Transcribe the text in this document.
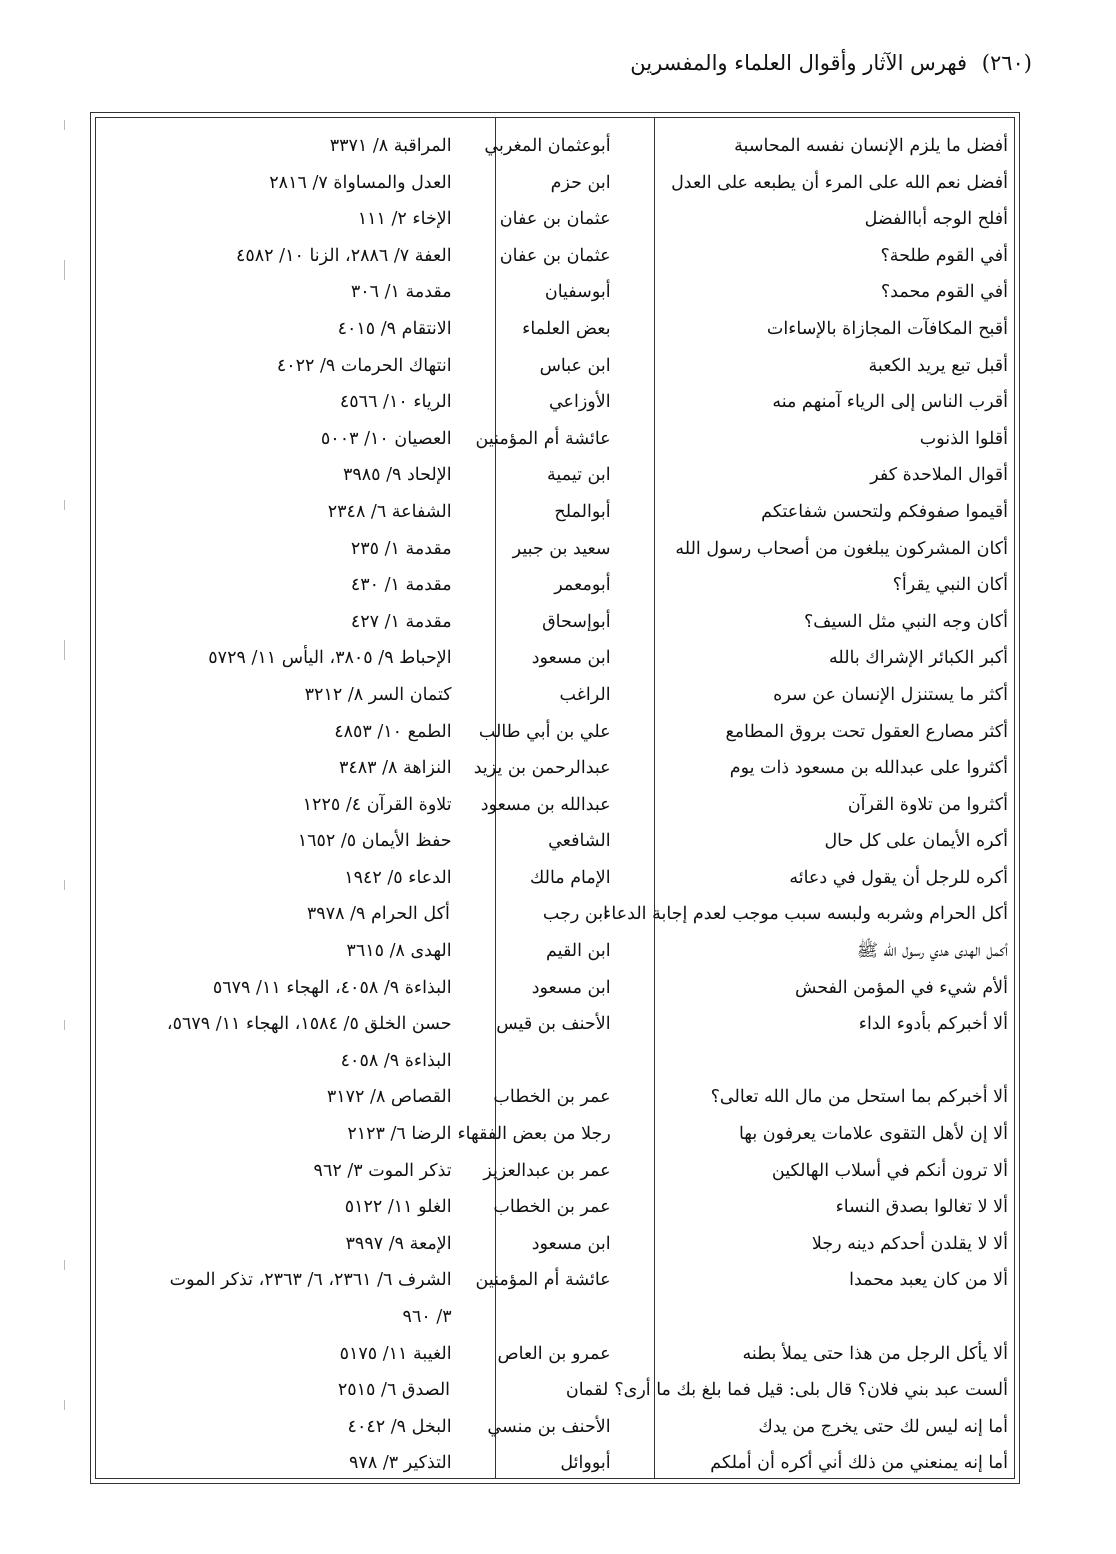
(٢٦٠) فهرس الآثار وأقوال العلماء والمفسرين
أفضل ما يلزم الإنسان نفسه المحاسبة
أبوعثمان المغربي
المراقبة ٨/ ٣٣٧١
أفضل نعم الله على المرء أن يطبعه على العدل
ابن حزم
العدل والمساواة ٧/ ٢٨١٦
أفلح الوجه أباالفضل
عثمان بن عفان
الإخاء ٢/ ١١١
أفي القوم طلحة؟
عثمان بن عفان
العفة ٧/ ٢٨٨٦، الزنا ١٠/ ٤٥٨٢
أفي القوم محمد؟
أبوسفيان
مقدمة ١/ ٣٠٦
أقبح المكافآت المجازاة بالإساءات
بعض العلماء
الانتقام ٩/ ٤٠١٥
أقبل تبع يريد الكعبة
ابن عباس
انتهاك الحرمات ٩/ ٤٠٢٢
أقرب الناس إلى الرياء آمنهم منه
الأوزاعي
الرياء ١٠/ ٤٥٦٦
أقلوا الذنوب
عائشة أم المؤمنين
العصيان ١٠/ ٥٠٠٣
أقوال الملاحدة كفر
ابن تيمية
الإلحاد ٩/ ٣٩٨٥
أقيموا صفوفكم ولتحسن شفاعتكم
أبوالملح
الشفاعة ٦/ ٢٣٤٨
أكان المشركون يبلغون من أصحاب رسول الله
سعيد بن جبير
مقدمة ١/ ٢٣٥
أكان النبي يقرأ؟
أبومعمر
مقدمة ١/ ٤٣٠
أكان وجه النبي مثل السيف؟
أبوإسحاق
مقدمة ١/ ٤٢٧
أكبر الكبائر الإشراك بالله
ابن مسعود
الإحباط ٩/ ٣٨٠٥، اليأس ١١/ ٥٧٢٩
أكثر ما يستنزل الإنسان عن سره
الراغب
كتمان السر ٨/ ٣٢١٢
أكثر مصارع العقول تحت بروق المطامع
علي بن أبي طالب
الطمع ١٠/ ٤٨٥٣
أكثروا على عبدالله بن مسعود ذات يوم
عبدالرحمن بن يزيد
النزاهة ٨/ ٣٤٨٣
أكثروا من تلاوة القرآن
عبدالله بن مسعود
تلاوة القرآن ٤/ ١٢٢٥
أكره الأيمان على كل حال
الشافعي
حفظ الأيمان ٥/ ١٦٥٢
أكره للرجل أن يقول في دعائه
الإمام مالك
الدعاء ٥/ ١٩٤٢
أكل الحرام وشربه ولبسه سبب موجب لعدم إجابة الدعاء
ابن رجب
أكل الحرام ٩/ ٣٩٧٨
أكمل الهدى هدي رسول الله ﷺ
ابن القيم
الهدى ٨/ ٣٦١٥
ألأم شيء في المؤمن الفحش
ابن مسعود
البذاءة ٩/ ٤٠٥٨، الهجاء ١١/ ٥٦٧٩
ألا أخبركم بأدوء الداء
الأحنف بن قيس
حسن الخلق ٥/ ١٥٨٤، الهجاء ١١/ ٥٦٧٩،
البذاءة ٩/ ٤٠٥٨
ألا أخبركم بما استحل من مال الله تعالى؟
عمر بن الخطاب
القصاص ٨/ ٣١٧٢
ألا إن لأهل التقوى علامات يعرفون بها
رجلا من بعض الفقهاء
الرضا ٦/ ٢١٢٣
ألا ترون أنكم في أسلاب الهالكين
عمر بن عبدالعزيز
تذكر الموت ٣/ ٩٦٢
ألا لا تغالوا بصدق النساء
عمر بن الخطاب
الغلو ١١/ ٥١٢٢
ألا لا يقلدن أحدكم دينه رجلا
ابن مسعود
الإمعة ٩/ ٣٩٩٧
ألا من كان يعبد محمدا
عائشة أم المؤمنين
الشرف ٦/ ٢٣٦١، ٦/ ٢٣٦٣، تذكر الموت
٣/ ٩٦٠
ألا يأكل الرجل من هذا حتى يملأ بطنه
عمرو بن العاص
الغيبة ١١/ ٥١٧٥
ألست عبد بني فلان؟ قال بلى: قيل فما بلغ بك ما أرى؟
لقمان
الصدق ٦/ ٢٥١٥
أما إنه ليس لك حتى يخرج من يدك
الأحنف بن منسي
البخل ٩/ ٤٠٤٢
أما إنه يمنعني من ذلك أني أكره أن أملكم
أبووائل
التذكير ٣/ ٩٧٨
